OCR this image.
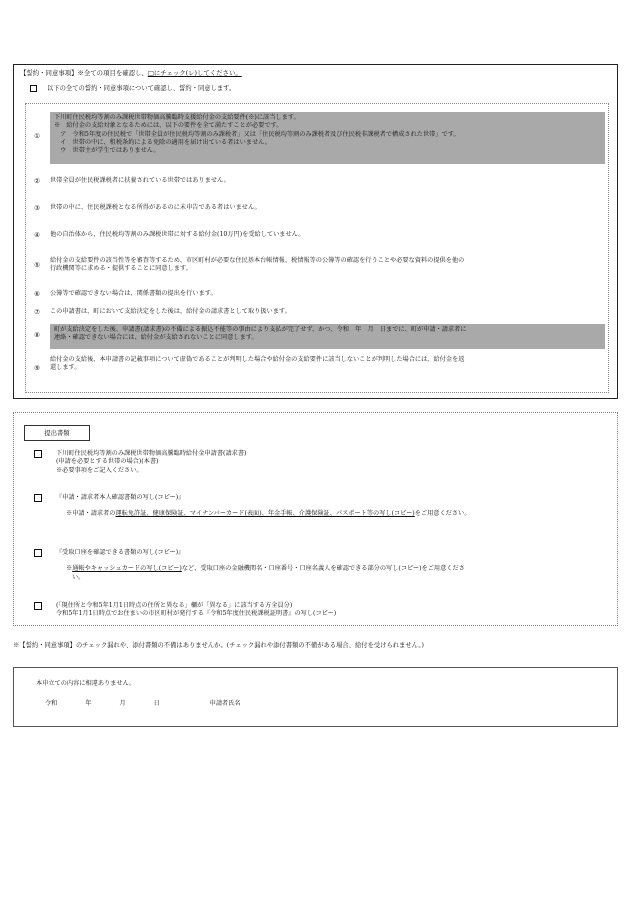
【誓約・同意事項】※全ての項目を確認し、□にチェック(レ)してください。
以下の全ての誓約・同意事項について確認し、誓約・同意します。
①
下川町住民税均等割のみ課税世帯物価高騰臨時支援給付金の支給要件(※)に該当します。
※　給付金の支給対象となるためには、以下の要件を全て満たすことが必要です。
　ア　令和5年度の住民税で「世帯全員が住民税均等割のみ課税者」又は「住民税均等割のみ課税者及び住民税非課税者で構成された世帯」です。
　イ　世帯の中に、租税条約による免除の適用を届け出ている者はいません。
　ウ　世帯主が学生ではありません。
②	世帯全員が住民税課税者に扶養されている世帯ではありません。
③	世帯の中に、住民税課税となる所得があるのに未申告である者はいません。
④	他の自治体から、住民税均等割のみ課税世帯に対する給付金(10万円)を受給していません。
⑤
給付金の支給要件の該当性等を審査等するため、市区町村が必要な住民基本台帳情報、税情報等の公簿等の確認を行うことや必要な資料の提供を他の
行政機関等に求める・提供することに同意します。
⑥	公簿等で確認できない場合は、関係書類の提出を行います。
⑦	この申請書は、町において支給決定をした後は、給付金の請求書として取り扱います。
⑧
町が支給決定をした後、申請書(請求書)の不備による振込不能等の事由により支払が完了せず、かつ、令和　年　月　日までに、町が申請・請求者に
連絡・確認できない場合には、給付金が支給されないことに同意します。
⑨
給付金の支給後、本申請書の記載事項について虚偽であることが判明した場合や給付金の支給要件に該当しないことが判明した場合には、給付金を返
還します。
提出書類
下川町住民税均等割のみ課税世帯物価高騰臨時給付金申請書(請求書)
(申請を必要とする世帯の場合)(本書)
※必要事項をご記入ください。
『申請・請求者本人確認書類の写し(コピー)』
※申請・請求者の運転免許証、健康保険証、マイナンバーカード(表面)、年金手帳、介護保険証、パスポート等の写し(コピー)をご用意ください。
『受取口座を確認できる書類の写し(コピー)』
※通帳やキャッシュカードの写し(コピー)など、受取口座の金融機関名・口座番号・口座名義人を確認できる部分の写し(コピー)をご用意くださ
い。
(「現住所と令和5年1月1日時点の住所と異なる」欄が「異なる」に該当する方全員分)
令和5年1月1日時点でお住まいの市区町村が発行する『令和5年度住民税課税証明書』の写し(コピー)
※【誓約・同意事項】のチェック漏れや、添付書類の不備はありませんか。(チェック漏れや添付書類の不備がある場合、給付を受けられません。)
本申立ての内容に相違ありません。
令和	年	月	日	申請者氏名
